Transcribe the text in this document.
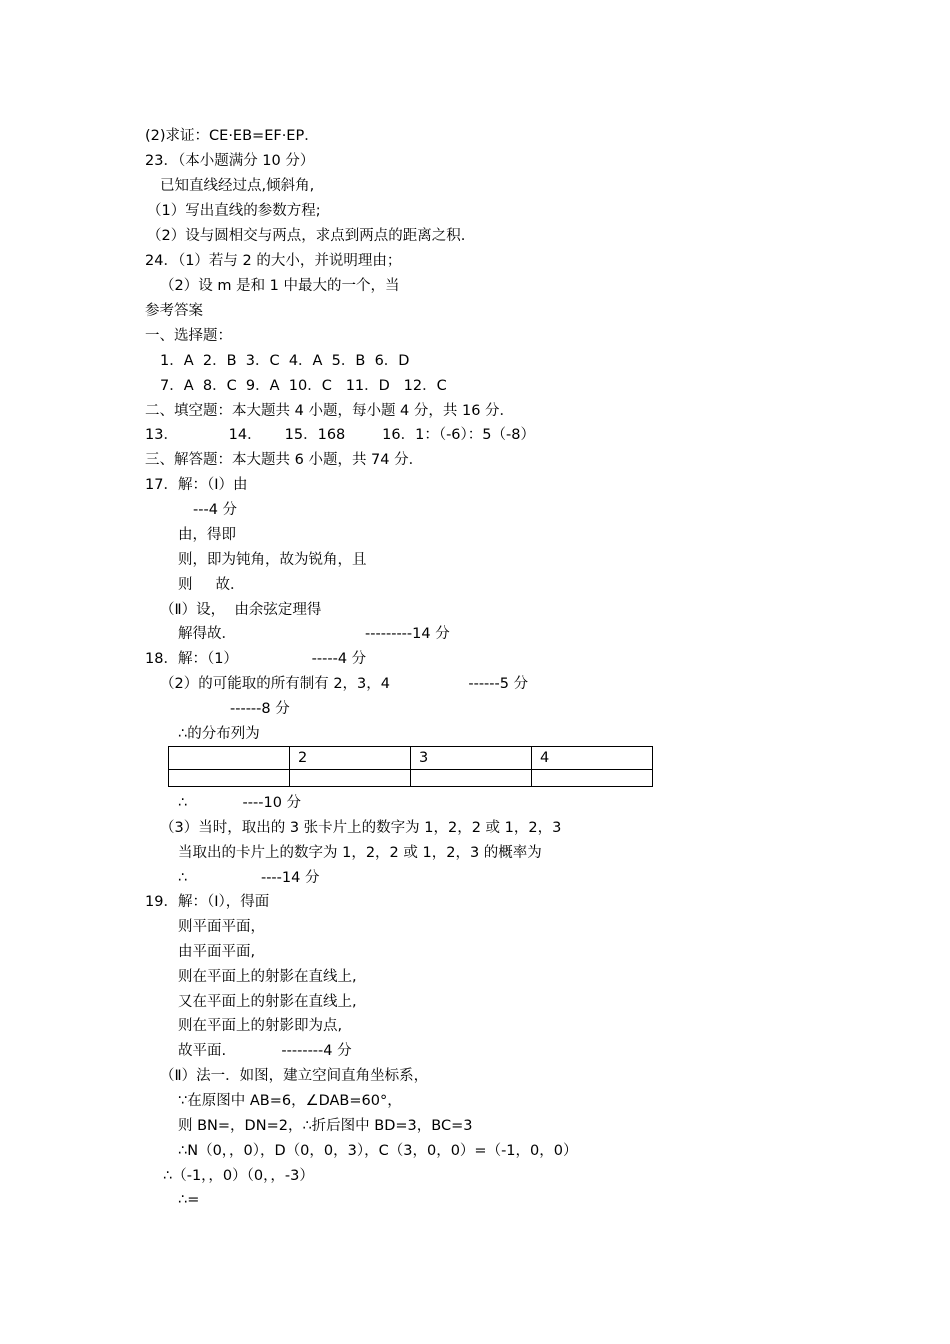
(2)求证：CE·EB=EF·EP．
23．（本小题满分 10 分）
已知直线经过点,倾斜角,
（1）写出直线的参数方程;
（2）设与圆相交与两点，求点到两点的距离之积.
24．（1）若与 2 的大小，并说明理由；
（2）设 m 是和 1 中最大的一个，当
参考答案
一、选择题：
1．A  2．B  3．C  4．A  5．B  6．D
7．A  8．C  9．A  10．C   11．D   12．C
二、填空题：本大题共 4 小题，每小题 4 分，共 16 分．
13．           14．     15．168        16．1：（-6）：5（-8）
三、解答题：本大题共 6 小题，共 74 分．
17．解：（Ⅰ）由
---4 分
由，得即
则，即为钝角，故为锐角，且
则     故．
（Ⅱ）设，  由余弦定理得
解得故．                            ---------14 分
18．解：（1）                -----4 分
（2）的可能取的所有制有 2，3，4                 ------5 分
------8 分
∴的分布列为
	2	3	4

∴            ----10 分
（3）当时，取出的 3 张卡片上的数字为 1，2，2 或 1，2，3
当取出的卡片上的数字为 1，2，2 或 1，2，3 的概率为
∴                ----14 分
19．解：（Ⅰ），得面
则平面平面，
由平面平面,
则在平面上的射影在直线上,
又在平面上的射影在直线上,
则在平面上的射影即为点,
故平面.            --------4 分
（Ⅱ）法一．如图，建立空间直角坐标系，
∵在原图中 AB=6，∠DAB=60°，
则 BN=，DN=2，∴折后图中 BD=3，BC=3
∴N（0，，0），D（0，0，3），C（3，0，0）=（-1，0，0）
∴（-1，，0）（0，，-3）
∴=
